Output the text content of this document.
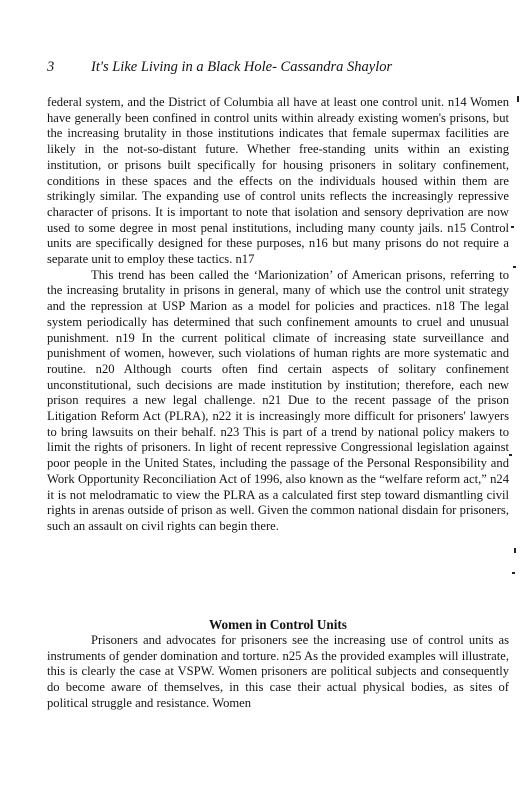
3	It's Like Living in a Black Hole- Cassandra Shaylor

federal system, and the District of Columbia all have at least one control unit. n14 Women have generally been confined in control units within already existing women's prisons, but the increasing brutality in those institutions indicates that female supermax facilities are likely in the not-so-distant future. Whether free-standing units within an existing institution, or prisons built specifically for housing prisoners in solitary confinement, conditions in these spaces and the effects on the individuals housed within them are strikingly similar. The expanding use of control units reflects the increasingly repressive character of prisons. It is important to note that isolation and sensory deprivation are now used to some degree in most penal institutions, including many county jails. n15 Control units are specifically designed for these purposes, n16 but many prisons do not require a separate unit to employ these tactics. n17

This trend has been called the ‘Marionization’ of American prisons, referring to the increasing brutality in prisons in general, many of which use the control unit strategy and the repression at USP Marion as a model for policies and practices. n18 The legal system periodically has determined that such confinement amounts to cruel and unusual punishment. n19 In the current political climate of increasing state surveillance and punishment of women, however, such violations of human rights are more systematic and routine. n20 Although courts often find certain aspects of solitary confinement unconstitutional, such decisions are made institution by institution; therefore, each new prison requires a new legal challenge. n21 Due to the recent passage of the prison Litigation Reform Act (PLRA), n22 it is increasingly more difficult for prisoners' lawyers to bring lawsuits on their behalf. n23 This is part of a trend by national policy makers to limit the rights of prisoners. In light of recent repressive Congressional legislation against poor people in the United States, including the passage of the Personal Responsibility and Work Opportunity Reconciliation Act of 1996, also known as the “welfare reform act,” n24 it is not melodramatic to view the PLRA as a calculated first step toward dismantling civil rights in arenas outside of prison as well. Given the common national disdain for prisoners, such an assault on civil rights can begin there.

Women in Control Units

Prisoners and advocates for prisoners see the increasing use of control units as instruments of gender domination and torture. n25 As the provided examples will illustrate, this is clearly the case at VSPW. Women prisoners are political subjects and consequently do become aware of themselves, in this case their actual physical bodies, as sites of political struggle and resistance. Women
